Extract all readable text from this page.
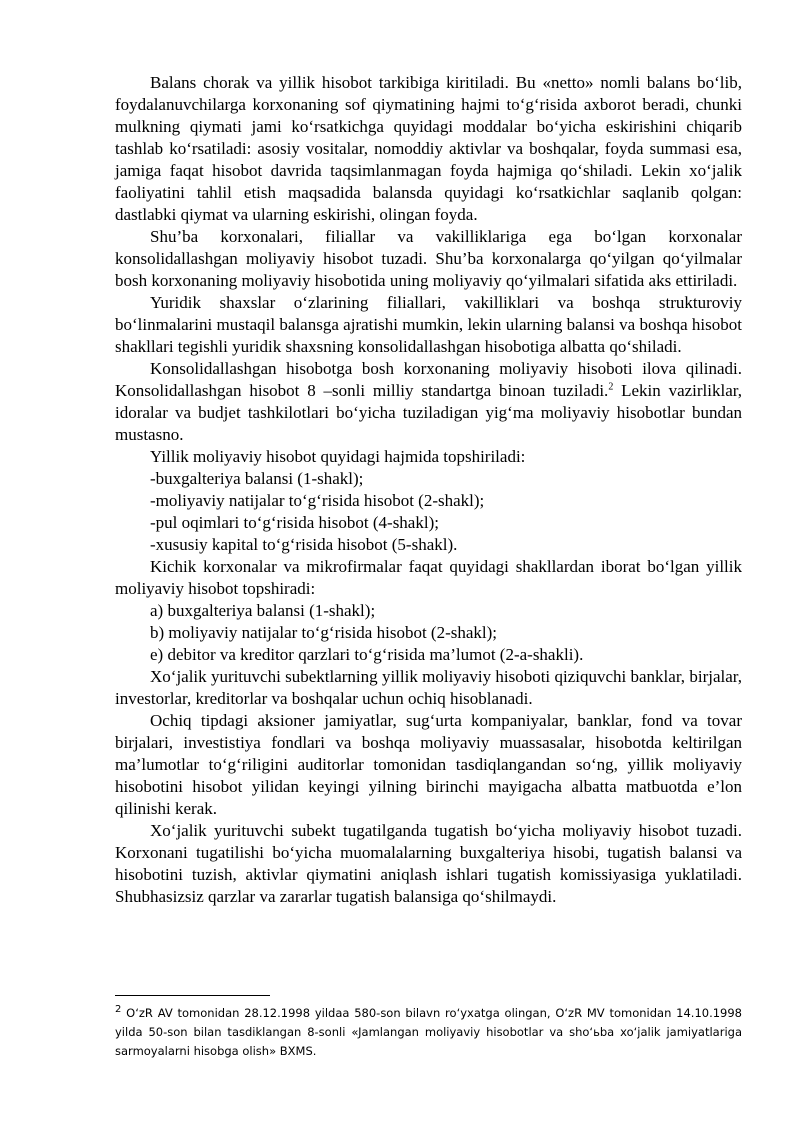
Balans chorak va yillik hisobot tarkibiga kiritiladi. Bu «netto» nomli balans bo‘lib, foydalanuvchilarga korxonaning sof qiymatining hajmi to‘g‘risida axborot beradi, chunki mulkning qiymati jami ko‘rsatkichga quyidagi moddalar bo‘yicha eskirishini chiqarib tashlab ko‘rsatiladi: asosiy vositalar, nomoddiy aktivlar va boshqalar, foyda summasi esa, jamiga faqat hisobot davrida taqsimlanmagan foyda hajmiga qo‘shiladi. Lekin xo‘jalik faoliyatini tahlil etish maqsadida balansda quyidagi ko‘rsatkichlar saqlanib qolgan: dastlabki qiymat va ularning eskirishi, olingan foyda.

Shu’ba korxonalari, filiallar va vakilliklariga ega bo‘lgan korxonalar konsolidallashgan moliyaviy hisobot tuzadi. Shu’ba korxonalarga qo‘yilgan qo‘yilmalar bosh korxonaning moliyaviy hisobotida uning moliyaviy qo‘yilmalari sifatida aks ettiriladi.

Yuridik shaxslar o‘zlarining filiallari, vakilliklari va boshqa strukturoviy bo‘linmalarini mustaqil balansga ajratishi mumkin, lekin ularning balansi va boshqa hisobot shakllari tegishli yuridik shaxsning konsolidallashgan hisobotiga albatta qo‘shiladi.

Konsolidallashgan hisobotga bosh korxonaning moliyaviy hisoboti ilova qilinadi. Konsolidallashgan hisobot 8 –sonli milliy standartga binoan tuziladi.$^2$ Lekin vazirliklar, idoralar va budjet tashkilotlari bo‘yicha tuziladigan yig‘ma moliyaviy hisobotlar bundan mustasno.

Yillik moliyaviy hisobot quyidagi hajmida topshiriladi:

- buxgalteriya balansi (1-shakl);

- moliyaviy natijalar to‘g‘risida hisobot (2-shakl);

- pul oqimlari to‘g‘risida hisobot (4-shakl);

- xususiy kapital to‘g‘risida hisobot (5-shakl).

Kichik korxonalar va mikrofirmalar faqat quyidagi shakllardan iborat bo‘lgan yillik moliyaviy hisobot topshiradi:

a) buxgalteriya balansi (1-shakl);

b) moliyaviy natijalar to‘g‘risida hisobot (2-shakl);

e) debitor va kreditor qarzlari to‘g‘risida ma’lumot (2-a-shakli).

Xo‘jalik yurituvchi subektlarning yillik moliyaviy hisoboti qiziquvchi banklar, birjalar, investorlar, kreditorlar va boshqalar uchun ochiq hisoblanadi.

Ochiq tipdagi aksioner jamiyatlar, sug‘urta kompaniyalar, banklar, fond va tovar birjalari, investistiya fondlari va boshqa moliyaviy muassasalar, hisobotda keltirilgan ma’lumotlar to‘g‘riligini auditorlar tomonidan tasdiqlangandan so‘ng, yillik moliyaviy hisobotini hisobot yilidan keyingi yilning birinchi mayigacha albatta matbuotda e’lon qilinishi kerak.

Xo‘jalik yurituvchi subekt tugatilganda tugatish bo‘yicha moliyaviy hisobot tuzadi. Korxonani tugatilishi bo‘yicha muomalalarning buxgalteriya hisobi, tugatish balansi va hisobotini tuzish, aktivlar qiymatini aniqlash ishlari tugatish komissiyasiga yuklatiladi. Shubhasizsiz qarzlar va zararlar tugatish balansiga qo‘shilmaydi.

$^2$ O‘zR AV tomonidan 28.12.1998 yildaa 580-son bilavn ro‘yxatga olingan, O‘zR MV tomonidan 14.10.1998 yilda 50-son bilan tasdiklangan 8-sonli «Jamlangan moliyaviy hisobotlar va sho‘ьba xo‘jalik jamiyatlariga sarmoyalarni hisobga olish» BXMS.
